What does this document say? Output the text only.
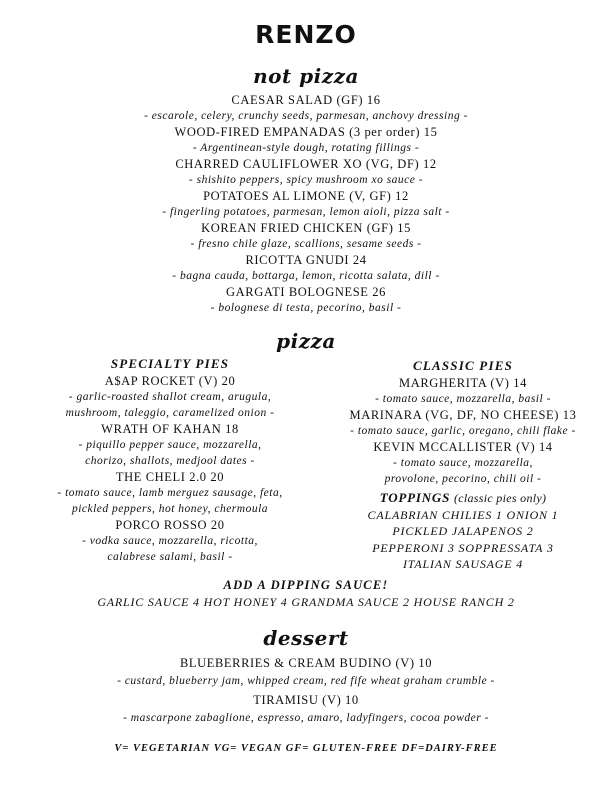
RENZO
not pizza
CAESAR SALAD (GF) 16
- escarole, celery, crunchy seeds, parmesan, anchovy dressing -
WOOD-FIRED EMPANADAS (3 per order) 15
- Argentinean-style dough, rotating fillings -
CHARRED CAULIFLOWER XO (VG, DF) 12
- shishito peppers, spicy mushroom xo sauce -
POTATOES AL LIMONE (V, GF) 12
- fingerling potatoes, parmesan, lemon aioli, pizza salt -
KOREAN FRIED CHICKEN (GF) 15
- fresno chile glaze, scallions, sesame seeds -
RICOTTA GNUDI 24
- bagna cauda, bottarga, lemon, ricotta salata, dill -
GARGATI BOLOGNESE 26
- bolognese di testa, pecorino, basil -
pizza
SPECIALTY PIES
A$AP ROCKET (V) 20
- garlic-roasted shallot cream, arugula,
mushroom, taleggio, caramelized onion -
WRATH OF KAHAN 18
- piquillo pepper sauce, mozzarella,
chorizo, shallots, medjool dates -
THE CHELI 2.0 20
- tomato sauce, lamb merguez sausage, feta,
pickled peppers, hot honey, chermoula
PORCO ROSSO 20
- vodka sauce, mozzarella, ricotta,
calabrese salami, basil -
CLASSIC PIES
MARGHERITA (V) 14
- tomato sauce, mozzarella, basil -
MARINARA (VG, DF, NO CHEESE) 13
- tomato sauce, garlic, oregano, chili flake -
KEVIN MCCALLISTER (V) 14
- tomato sauce, mozzarella,
provolone, pecorino, chili oil -
TOPPINGS (classic pies only)
CALABRIAN CHILIES 1 ONION 1
PICKLED JALAPENOS 2
PEPPERONI 3 SOPPRESSATA 3
ITALIAN SAUSAGE 4
ADD A DIPPING SAUCE!
GARLIC SAUCE 4 HOT HONEY 4 GRANDMA SAUCE 2 HOUSE RANCH 2
dessert
BLUEBERRIES & CREAM BUDINO (V) 10
- custard, blueberry jam, whipped cream, red fife wheat graham crumble -
TIRAMISU (V) 10
- mascarpone zabaglione, espresso, amaro, ladyfingers, cocoa powder -
V= VEGETARIAN VG= VEGAN GF= GLUTEN-FREE DF=DAIRY-FREE
